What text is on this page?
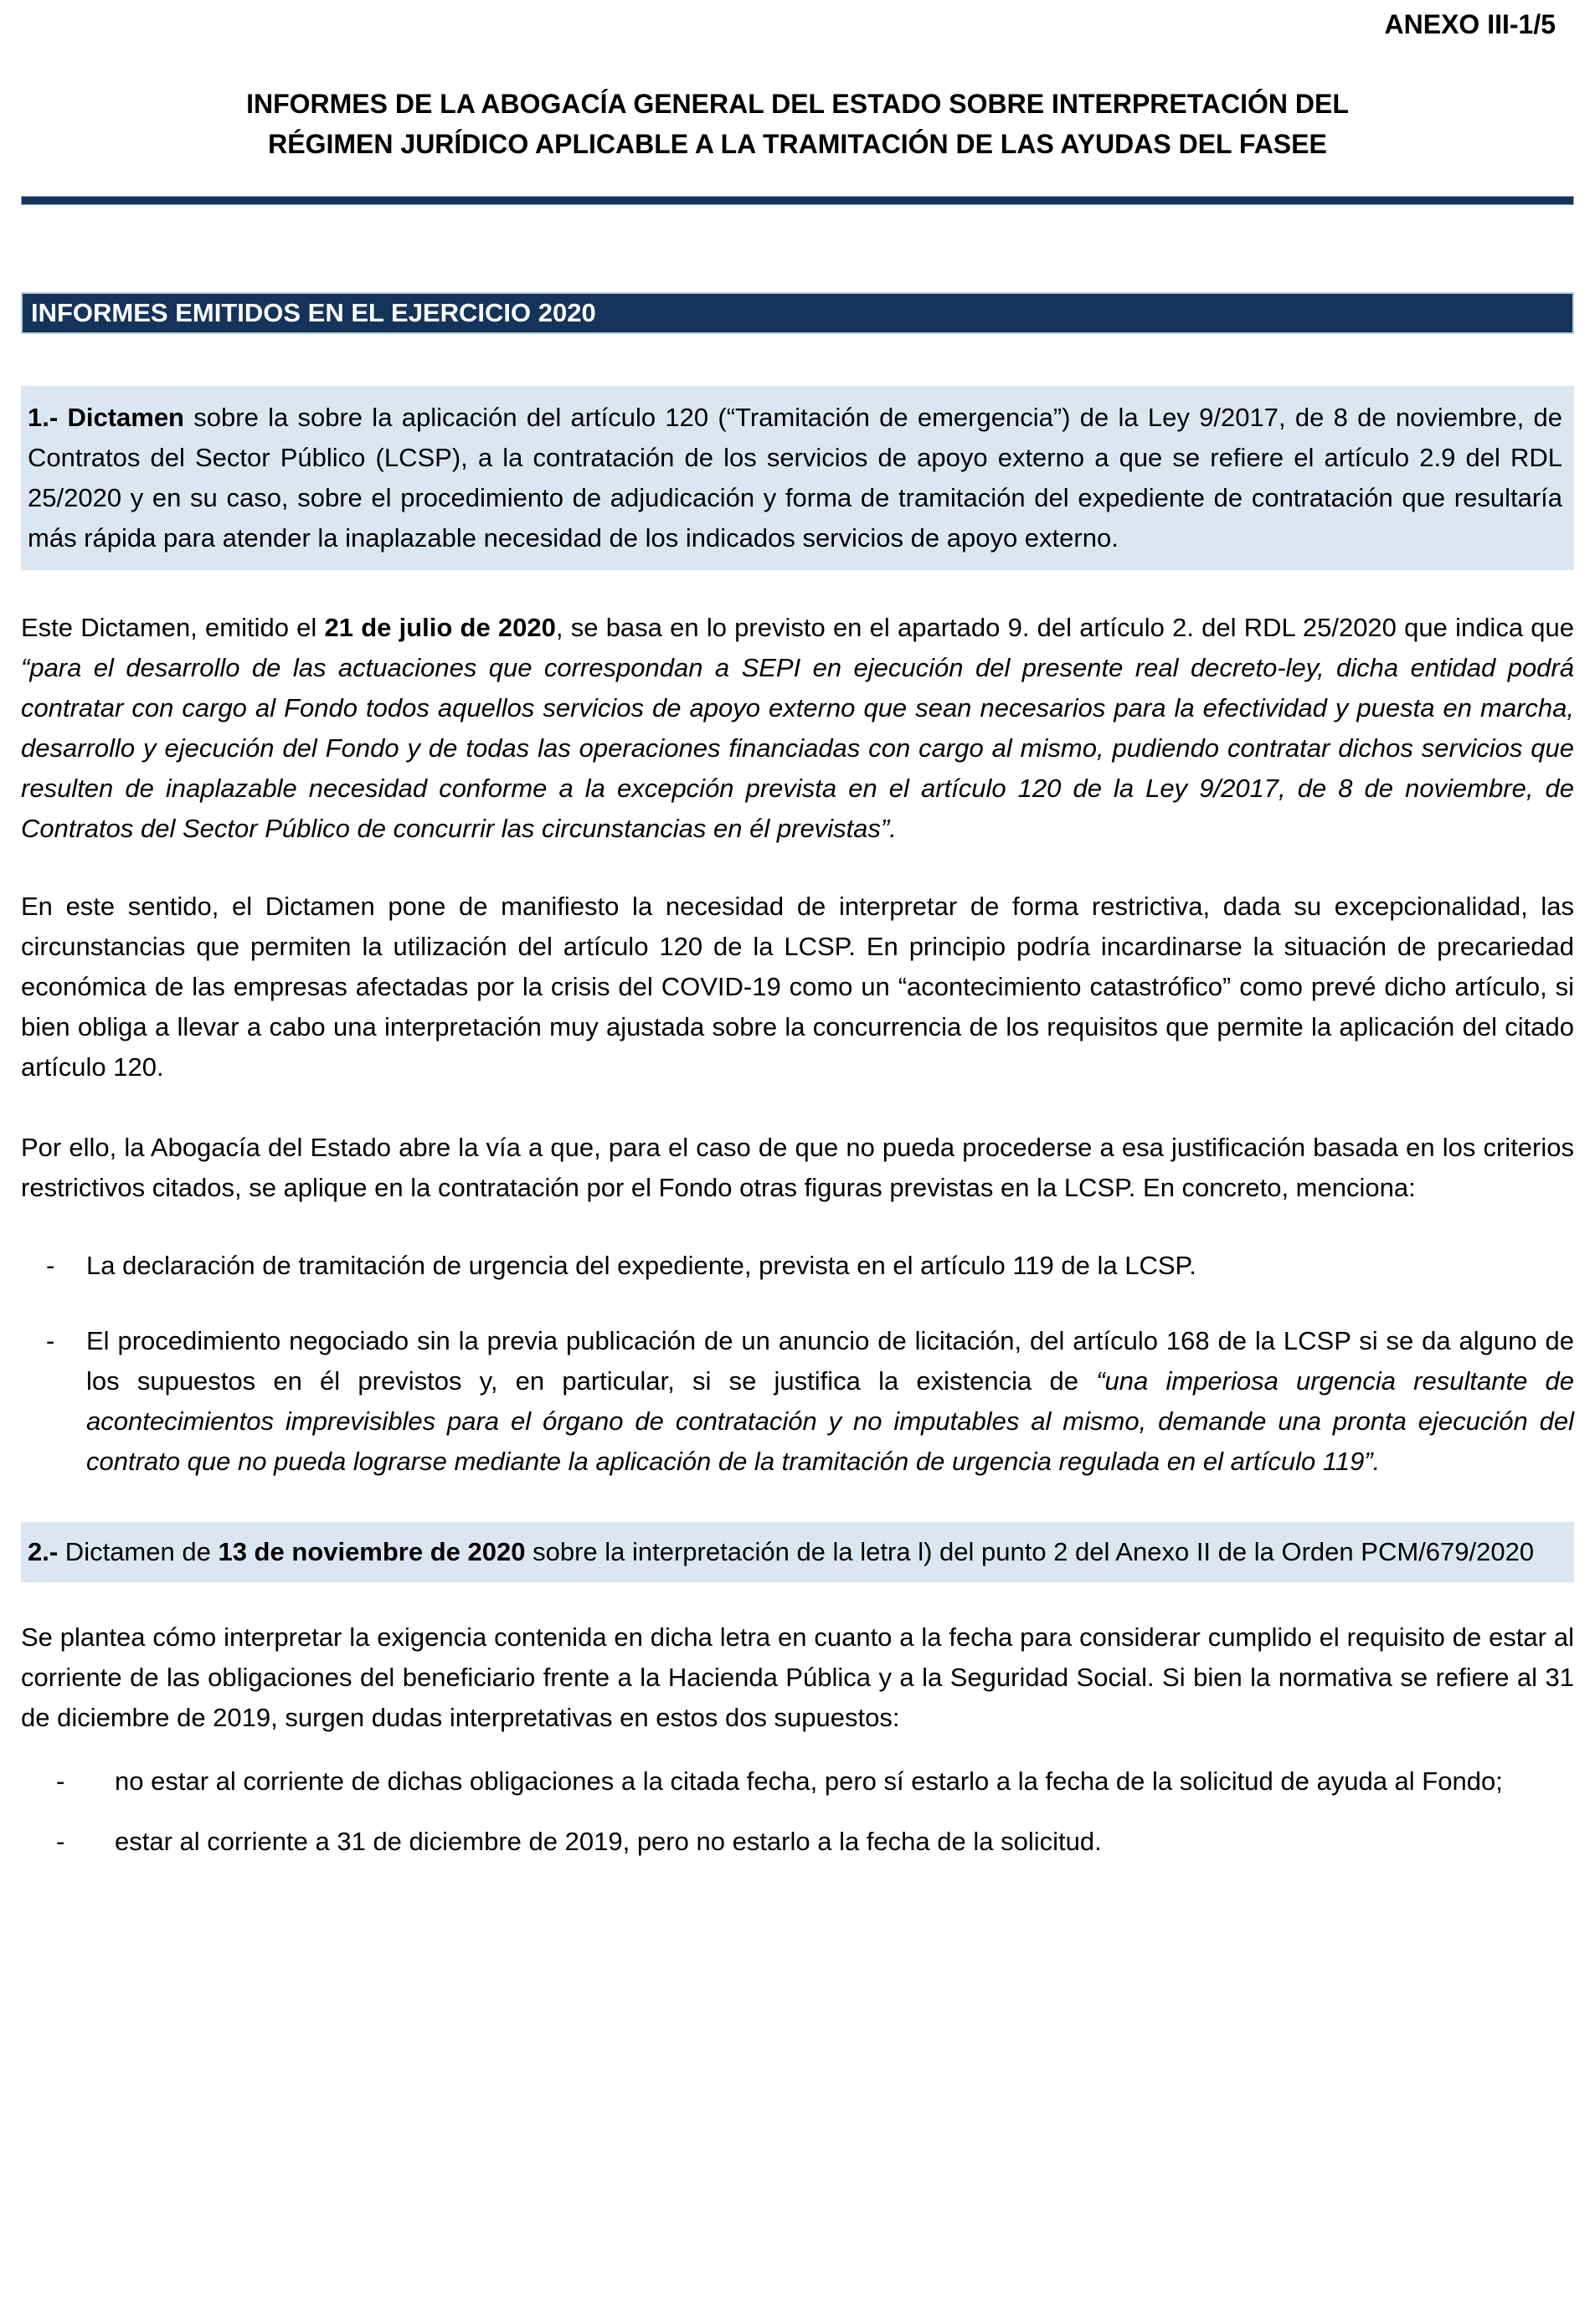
ANEXO III-1/5
INFORMES DE LA ABOGACÍA GENERAL DEL ESTADO SOBRE INTERPRETACIÓN DEL
RÉGIMEN JURÍDICO APLICABLE A LA TRAMITACIÓN DE LAS AYUDAS DEL FASEE
INFORMES EMITIDOS EN EL EJERCICIO 2020

1.- Dictamen sobre la sobre la aplicación del artículo 120 (“Tramitación de emergencia”) de la Ley 9/2017, de 8 de noviembre, de Contratos del Sector Público (LCSP), a la contratación de los servicios de apoyo externo a que se refiere el artículo 2.9 del RDL 25/2020 y en su caso, sobre el procedimiento de adjudicación y forma de tramitación del expediente de contratación que resultaría más rápida para atender la inaplazable necesidad de los indicados servicios de apoyo externo.

Este Dictamen, emitido el 21 de julio de 2020, se basa en lo previsto en el apartado 9. del artículo 2. del RDL 25/2020 que indica que “para el desarrollo de las actuaciones que correspondan a SEPI en ejecución del presente real decreto-ley, dicha entidad podrá contratar con cargo al Fondo todos aquellos servicios de apoyo externo que sean necesarios para la efectividad y puesta en marcha, desarrollo y ejecución del Fondo y de todas las operaciones financiadas con cargo al mismo, pudiendo contratar dichos servicios que resulten de inaplazable necesidad conforme a la excepción prevista en el artículo 120 de la Ley 9/2017, de 8 de noviembre, de Contratos del Sector Público de concurrir las circunstancias en él previstas”.

En este sentido, el Dictamen pone de manifiesto la necesidad de interpretar de forma restrictiva, dada su excepcionalidad, las circunstancias que permiten la utilización del artículo 120 de la LCSP. En principio podría incardinarse la situación de precariedad económica de las empresas afectadas por la crisis del COVID-19 como un “acontecimiento catastrófico” como prevé dicho artículo, si bien obliga a llevar a cabo una interpretación muy ajustada sobre la concurrencia de los requisitos que permite la aplicación del citado artículo 120.

Por ello, la Abogacía del Estado abre la vía a que, para el caso de que no pueda procederse a esa justificación basada en los criterios restrictivos citados, se aplique en la contratación por el Fondo otras figuras previstas en la LCSP. En concreto, menciona:

- La declaración de tramitación de urgencia del expediente, prevista en el artículo 119 de la LCSP.
- El procedimiento negociado sin la previa publicación de un anuncio de licitación, del artículo 168 de la LCSP si se da alguno de los supuestos en él previstos y, en particular, si se justifica la existencia de “una imperiosa urgencia resultante de acontecimientos imprevisibles para el órgano de contratación y no imputables al mismo, demande una pronta ejecución del contrato que no pueda lograrse mediante la aplicación de la tramitación de urgencia regulada en el artículo 119”.

2.- Dictamen de 13 de noviembre de 2020 sobre la interpretación de la letra l) del punto 2 del Anexo II de la Orden PCM/679/2020

Se plantea cómo interpretar la exigencia contenida en dicha letra en cuanto a la fecha para considerar cumplido el requisito de estar al corriente de las obligaciones del beneficiario frente a la Hacienda Pública y a la Seguridad Social. Si bien la normativa se refiere al 31 de diciembre de 2019, surgen dudas interpretativas en estos dos supuestos:

- no estar al corriente de dichas obligaciones a la citada fecha, pero sí estarlo a la fecha de la solicitud de ayuda al Fondo;
- estar al corriente a 31 de diciembre de 2019, pero no estarlo a la fecha de la solicitud.
